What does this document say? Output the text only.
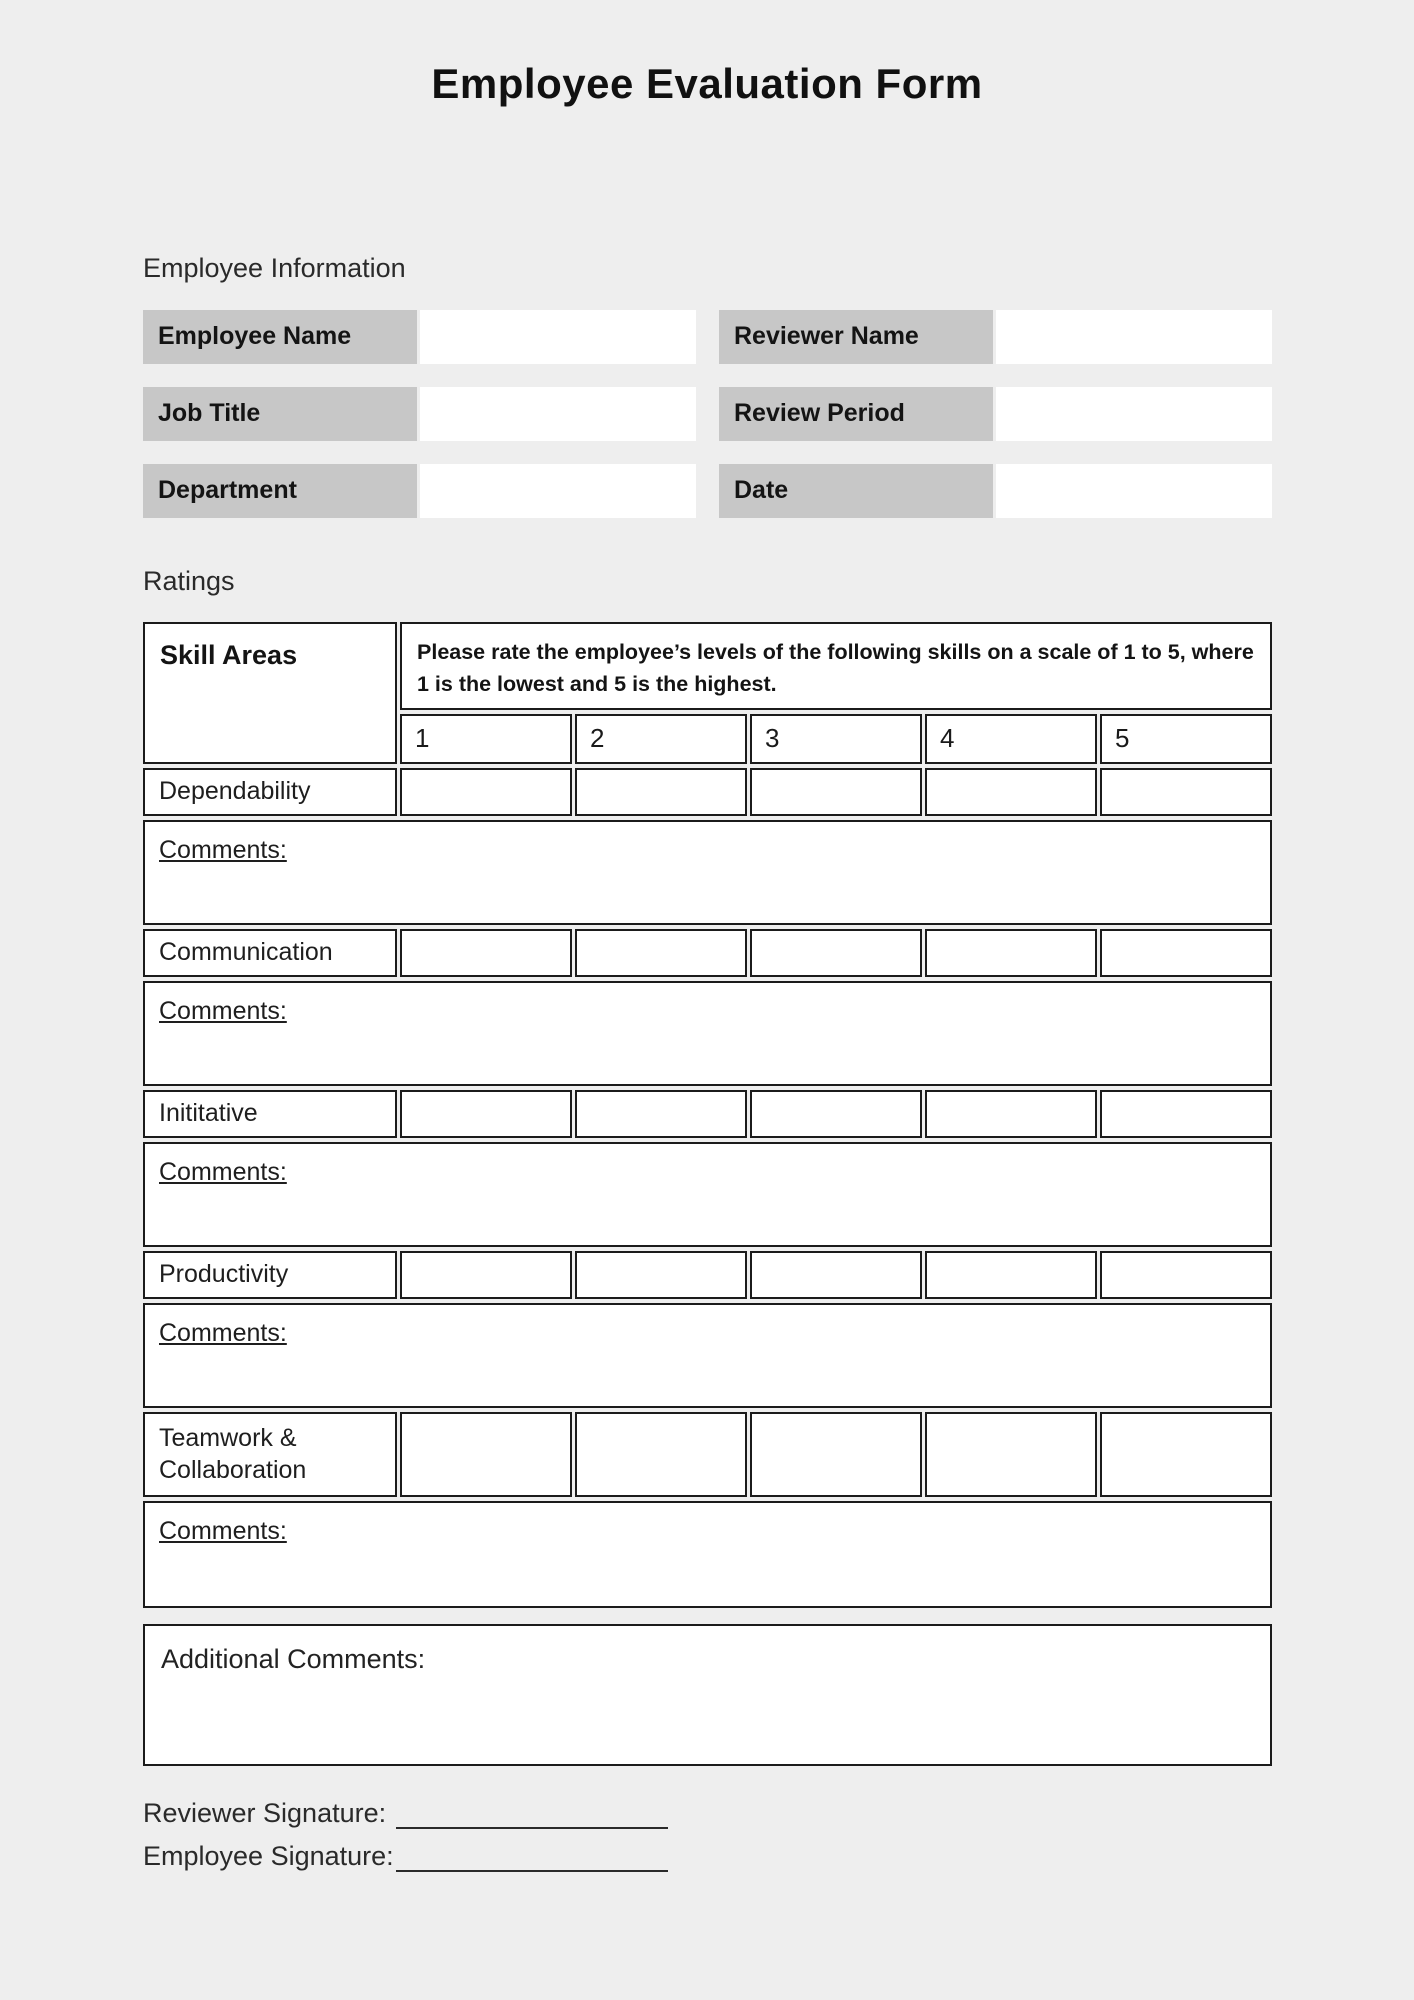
Employee Evaluation Form
Employee Information
Employee Name	Reviewer Name
Job Title	Review Period
Department	Date
Ratings
Skill Areas	Please rate the employee’s levels of the following skills on a scale of 1 to 5, where 1 is the lowest and 5 is the highest.
1	2	3	4	5
Dependability
Comments:
Communication
Comments:
Inititative
Comments:
Productivity
Comments:
Teamwork & Collaboration
Comments:
Additional Comments:
Reviewer Signature:
Employee Signature:
